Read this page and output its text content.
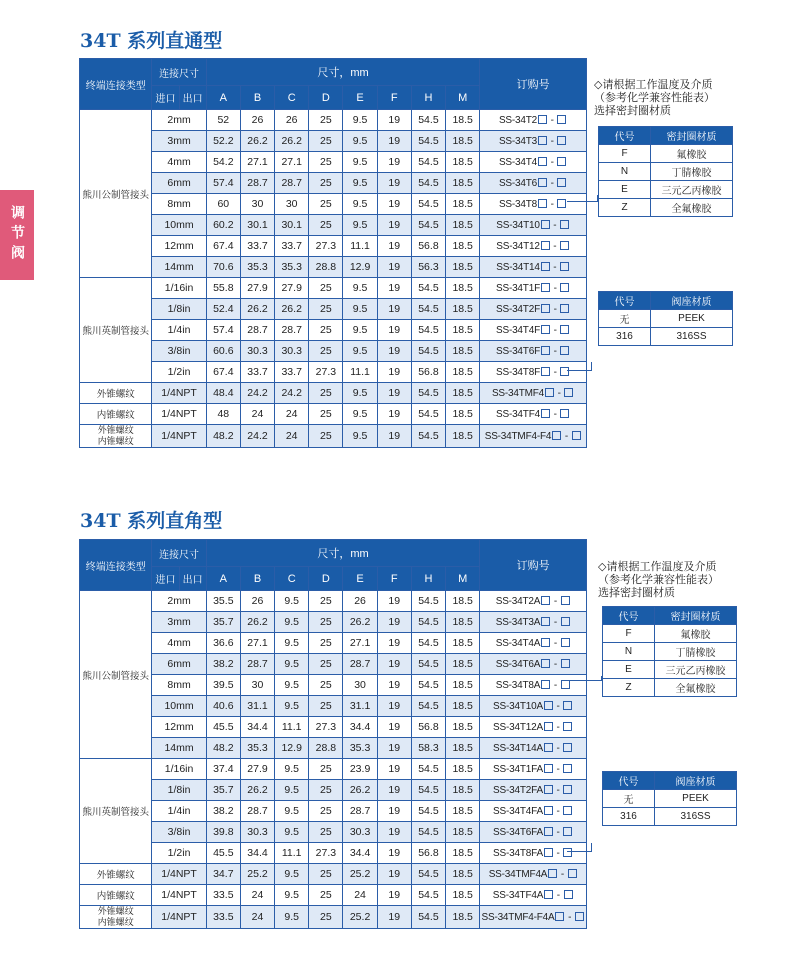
调节阀
34T 系列直通型
终端连接类型	连接尺寸		尺寸，mm								订购号
	进口	出口	A	B	C	D	E	F	H	M	
熊川公制管接头	2mm		52	26	26	25	9.5	19	54.5	18.5	SS-34T2 -
	3mm		52.2	26.2	26.2	25	9.5	19	54.5	18.5	SS-34T3 -
	4mm		54.2	27.1	27.1	25	9.5	19	54.5	18.5	SS-34T4 -
	6mm		57.4	28.7	28.7	25	9.5	19	54.5	18.5	SS-34T6 -
	8mm		60	30	30	25	9.5	19	54.5	18.5	SS-34T8 -
	10mm		60.2	30.1	30.1	25	9.5	19	54.5	18.5	SS-34T10 -
	12mm		67.4	33.7	33.7	27.3	11.1	19	56.8	18.5	SS-34T12 -
	14mm		70.6	35.3	35.3	28.8	12.9	19	56.3	18.5	SS-34T14 -
熊川英制管接头	1/16in		55.8	27.9	27.9	25	9.5	19	54.5	18.5	SS-34T1F -
	1/8in		52.4	26.2	26.2	25	9.5	19	54.5	18.5	SS-34T2F -
	1/4in		57.4	28.7	28.7	25	9.5	19	54.5	18.5	SS-34T4F -
	3/8in		60.6	30.3	30.3	25	9.5	19	54.5	18.5	SS-34T6F -
	1/2in		67.4	33.7	33.7	27.3	11.1	19	56.8	18.5	SS-34T8F -
外锥螺纹	1/4NPT		48.4	24.2	24.2	25	9.5	19	54.5	18.5	SS-34TMF4 -
内锥螺纹	1/4NPT		48	24	24	25	9.5	19	54.5	18.5	SS-34TF4 -

外锥螺纹
内锥螺纹	1/4NPT		48.2	24.2	24	25	9.5	19	54.5	18.5	SS-34TMF4-F4 -
◇请根据工作温度及介质
（参考化学兼容性能表）
选择密封圈材质
代号	密封圈材质
F	氟橡胶
N	丁腈橡胶
E	三元乙丙橡胶
Z	全氟橡胶
代号	阀座材质
无	PEEK
316	316SS
34T 系列直角型
终端连接类型	连接尺寸		尺寸，mm								订购号
	进口	出口	A	B	C	D	E	F	H	M	
熊川公制管接头	2mm		35.5	26	9.5	25	26	19	54.5	18.5	SS-34T2A -
	3mm		35.7	26.2	9.5	25	26.2	19	54.5	18.5	SS-34T3A -
	4mm		36.6	27.1	9.5	25	27.1	19	54.5	18.5	SS-34T4A -
	6mm		38.2	28.7	9.5	25	28.7	19	54.5	18.5	SS-34T6A -
	8mm		39.5	30	9.5	25	30	19	54.5	18.5	SS-34T8A -
	10mm		40.6	31.1	9.5	25	31.1	19	54.5	18.5	SS-34T10A -
	12mm		45.5	34.4	11.1	27.3	34.4	19	56.8	18.5	SS-34T12A -
	14mm		48.2	35.3	12.9	28.8	35.3	19	58.3	18.5	SS-34T14A -
熊川英制管接头	1/16in		37.4	27.9	9.5	25	23.9	19	54.5	18.5	SS-34T1FA -
	1/8in		35.7	26.2	9.5	25	26.2	19	54.5	18.5	SS-34T2FA -
	1/4in		38.2	28.7	9.5	25	28.7	19	54.5	18.5	SS-34T4FA -
	3/8in		39.8	30.3	9.5	25	30.3	19	54.5	18.5	SS-34T6FA -
	1/2in		45.5	34.4	11.1	27.3	34.4	19	56.8	18.5	SS-34T8FA -
外锥螺纹	1/4NPT		34.7	25.2	9.5	25	25.2	19	54.5	18.5	SS-34TMF4A -
内锥螺纹	1/4NPT		33.5	24	9.5	25	24	19	54.5	18.5	SS-34TF4A -

外锥螺纹
内锥螺纹	1/4NPT		33.5	24	9.5	25	25.2	19	54.5	18.5	SS-34TMF4-F4A -
◇请根据工作温度及介质
（参考化学兼容性能表）
选择密封圈材质
代号	密封圈材质
F	氟橡胶
N	丁腈橡胶
E	三元乙丙橡胶
Z	全氟橡胶
代号	阀座材质
无	PEEK
316	316SS
